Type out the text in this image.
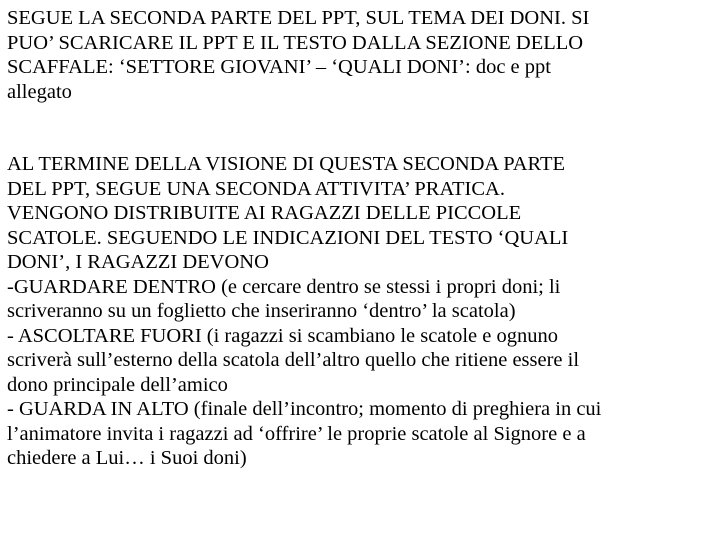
SEGUE LA SECONDA PARTE DEL PPT, SUL TEMA DEI DONI. SI
PUO’ SCARICARE IL PPT E IL TESTO DALLA SEZIONE DELLO
SCAFFALE: ‘SETTORE GIOVANI’ – ‘QUALI DONI’: doc e ppt
allegato

AL TERMINE DELLA VISIONE DI QUESTA SECONDA PARTE
DEL PPT, SEGUE UNA SECONDA ATTIVITA’ PRATICA.
VENGONO DISTRIBUITE AI RAGAZZI DELLE PICCOLE
SCATOLE. SEGUENDO LE INDICAZIONI DEL TESTO ‘QUALI
DONI’, I RAGAZZI DEVONO
-GUARDARE DENTRO (e cercare dentro se stessi i propri doni; li
scriveranno su un foglietto che inseriranno ‘dentro’ la scatola)
- ASCOLTARE FUORI (i ragazzi si scambiano le scatole e ognuno
scriverà sull’esterno della scatola dell’altro quello che ritiene essere il
dono principale dell’amico
- GUARDA IN ALTO (finale dell’incontro; momento di preghiera in cui
l’animatore invita i ragazzi ad ‘offrire’ le proprie scatole al Signore e a
chiedere a Lui… i Suoi doni)
